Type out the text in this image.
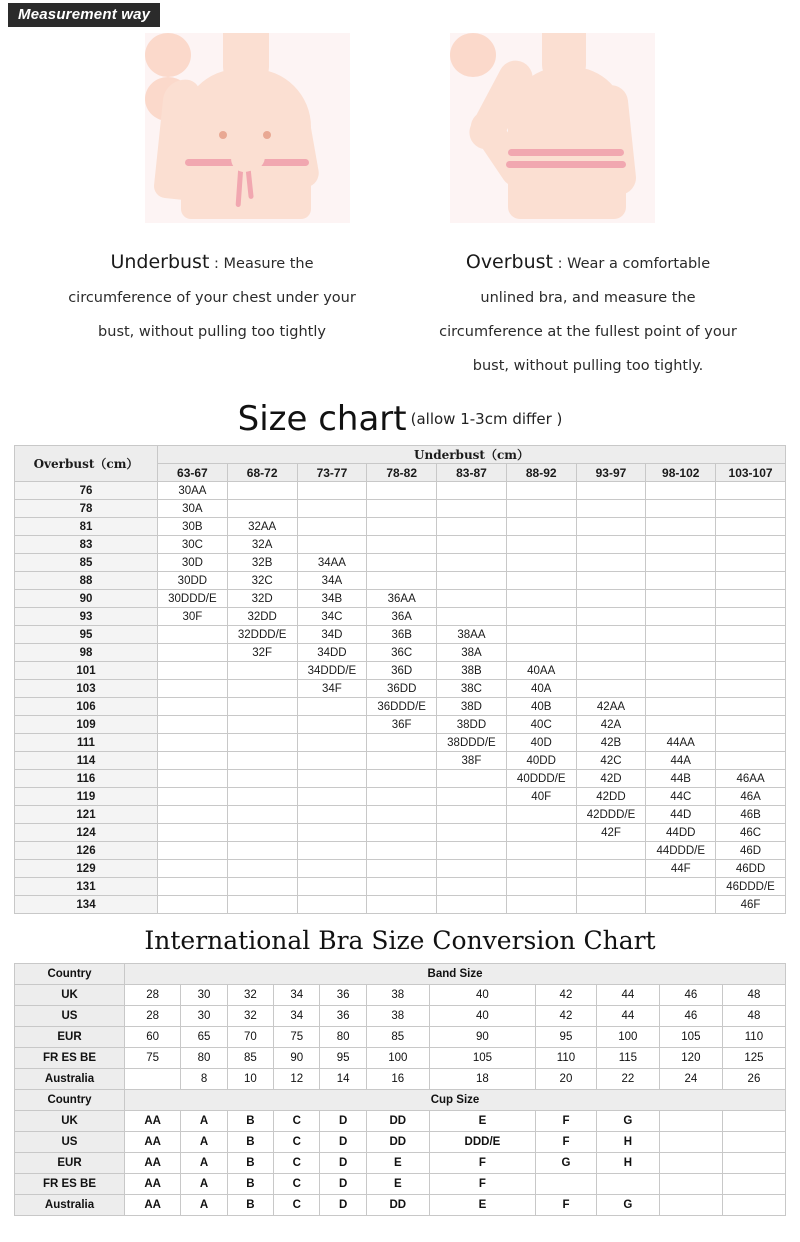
Measurement way
Underbust : Measure the
circumference of your chest under your
bust, without pulling too tightly
Overbust : Wear a comfortable
unlined bra, and measure the
circumference at the fullest point of your
bust, without pulling too tightly.
Size chart (allow 1-3cm differ )
Overbust（cm）	Underbust（cm）								
	63-67	68-72	73-77	78-82	83-87	88-92	93-97	98-102	103-107
76	30AA								
78	30A								
81	30B	32AA							
83	30C	32A							
85	30D	32B	34AA						
88	30DD	32C	34A						
90	30DDD/E	32D	34B	36AA					
93	30F	32DD	34C	36A					
95		32DDD/E	34D	36B	38AA				
98		32F	34DD	36C	38A				
101			34DDD/E	36D	38B	40AA			
103			34F	36DD	38C	40A			
106				36DDD/E	38D	40B	42AA		
109				36F	38DD	40C	42A		
111					38DDD/E	40D	42B	44AA	
114					38F	40DD	42C	44A	
116						40DDD/E	42D	44B	46AA
119						40F	42DD	44C	46A
121							42DDD/E	44D	46B
124							42F	44DD	46C
126								44DDD/E	46D
129								44F	46DD
131									46DDD/E
134									46F
International Bra Size Conversion Chart
Country	Band Size										
UK	28	30	32	34	36	38	40	42	44	46	48
US	28	30	32	34	36	38	40	42	44	46	48
EUR	60	65	70	75	80	85	90	95	100	105	110
FR ES BE	75	80	85	90	95	100	105	110	115	120	125
Australia		8	10	12	14	16	18	20	22	24	26
Country	Cup Size										
UK	AA	A	B	C	D	DD	E	F	G		
US	AA	A	B	C	D	DD	DDD/E	F	H		
EUR	AA	A	B	C	D	E	F	G	H		
FR ES BE	AA	A	B	C	D	E	F				
Australia	AA	A	B	C	D	DD	E	F	G		
